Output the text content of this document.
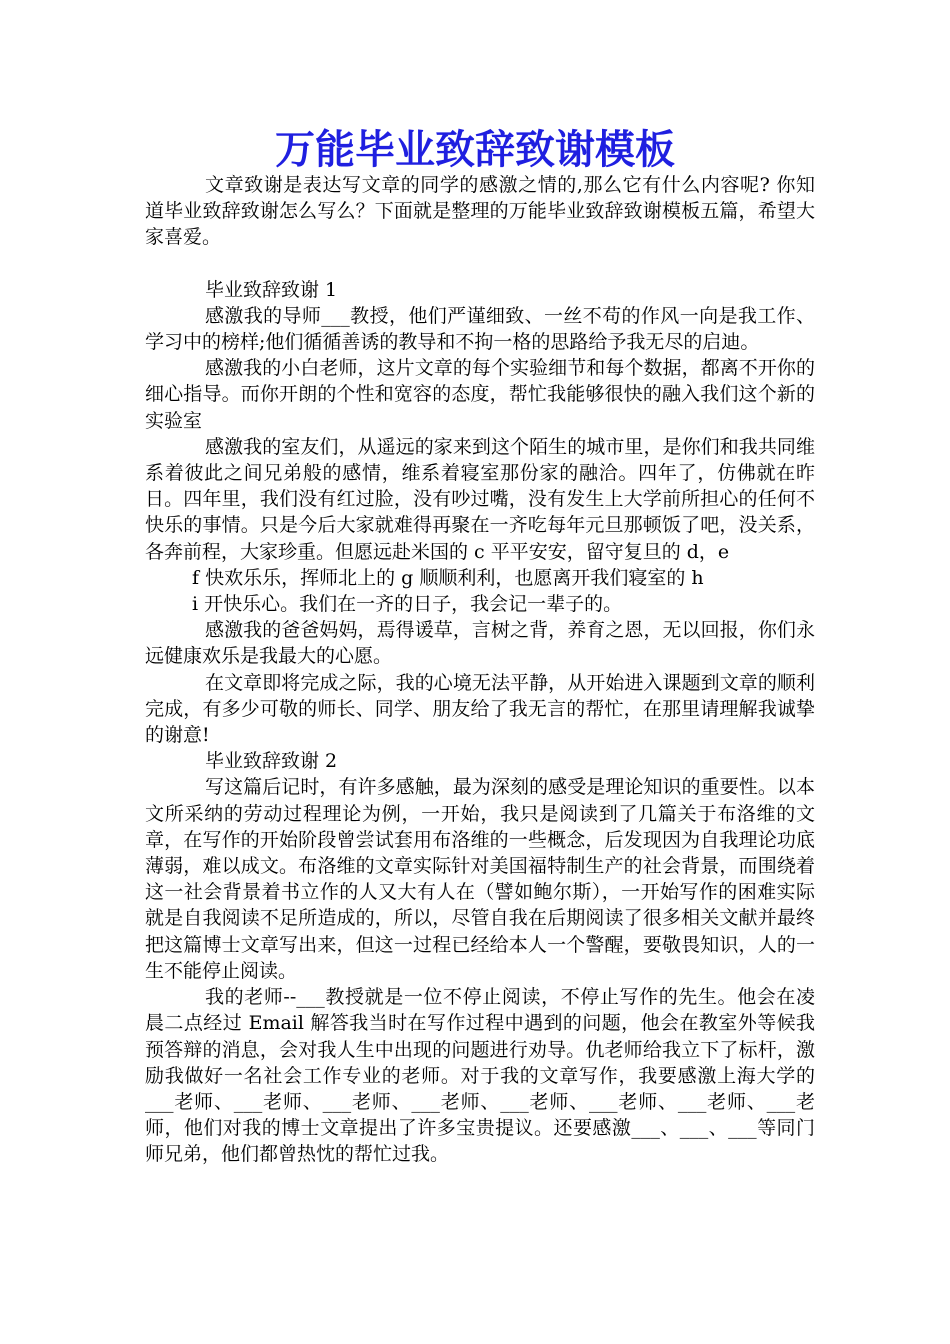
万能毕业致辞致谢模板

文章致谢是表达写文章的同学的感激之情的,那么它有什么内容呢? 你知道毕业致辞致谢怎么写么？下面就是整理的万能毕业致辞致谢模板五篇，希望大家喜爱。

毕业致辞致谢 1

感激我的导师___教授，他们严谨细致、一丝不苟的作风一向是我工作、学习中的榜样;他们循循善诱的教导和不拘一格的思路给予我无尽的启迪。

感激我的小白老师，这片文章的每个实验细节和每个数据，都离不开你的细心指导。而你开朗的个性和宽容的态度，帮忙我能够很快的融入我们这个新的实验室

感激我的室友们，从遥远的家来到这个陌生的城市里，是你们和我共同维系着彼此之间兄弟般的感情，维系着寝室那份家的融洽。四年了，仿佛就在昨日。四年里，我们没有红过脸，没有吵过嘴，没有发生上大学前所担心的任何不快乐的事情。只是今后大家就难得再聚在一齐吃每年元旦那顿饭了吧，没关系，各奔前程，大家珍重。但愿远赴米国的 c 平平安安，留守复旦的 d，e

f 快欢乐乐，挥师北上的 g 顺顺利利，也愿离开我们寝室的 h

i 开快乐心。我们在一齐的日子，我会记一辈子的。

感激我的爸爸妈妈，焉得谖草，言树之背，养育之恩，无以回报，你们永远健康欢乐是我最大的心愿。

在文章即将完成之际，我的心境无法平静，从开始进入课题到文章的顺利完成，有多少可敬的师长、同学、朋友给了我无言的帮忙，在那里请理解我诚挚的谢意!

毕业致辞致谢 2

写这篇后记时，有许多感触，最为深刻的感受是理论知识的重要性。以本文所采纳的劳动过程理论为例，一开始，我只是阅读到了几篇关于布洛维的文章，在写作的开始阶段曾尝试套用布洛维的一些概念，后发现因为自我理论功底薄弱，难以成文。布洛维的文章实际针对美国福特制生产的社会背景，而围绕着这一社会背景着书立作的人又大有人在（譬如鲍尔斯），一开始写作的困难实际就是自我阅读不足所造成的，所以，尽管自我在后期阅读了很多相关文献并最终把这篇博士文章写出来，但这一过程已经给本人一个警醒，要敬畏知识，人的一生不能停止阅读。

我的老师--___教授就是一位不停止阅读，不停止写作的先生。他会在凌晨二点经过 Email 解答我当时在写作过程中遇到的问题，他会在教室外等候我预答辩的消息，会对我人生中出现的问题进行劝导。仇老师给我立下了标杆，激励我做好一名社会工作专业的老师。对于我的文章写作，我要感激上海大学的___老师、___老师、___老师、___老师、___老师、___老师、___老师、___老师，他们对我的博士文章提出了许多宝贵提议。还要感激___、___、___等同门师兄弟，他们都曾热忱的帮忙过我。
